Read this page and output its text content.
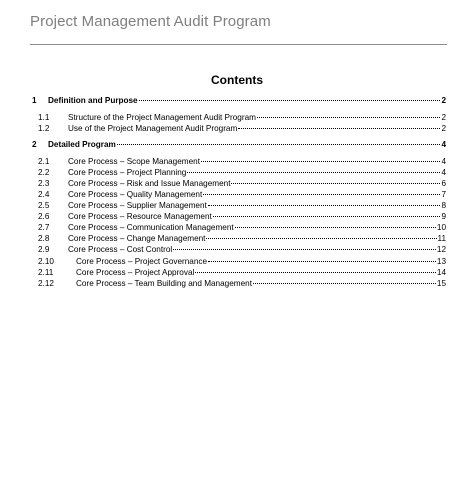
Project Management Audit Program
Contents
1	Definition and Purpose	2
1.1	Structure of the Project Management Audit Program	2
1.2	Use of the Project Management Audit Program	2
2	Detailed Program	4
2.1	Core Process – Scope Management	4
2.2	Core Process – Project Planning	4
2.3	Core Process – Risk and Issue Management	6
2.4	Core Process – Quality Management	7
2.5	Core Process – Supplier Management	8
2.6	Core Process – Resource Management	9
2.7	Core Process – Communication Management	10
2.8	Core Process – Change Management	11
2.9	Core Process – Cost Control	12
2.10	Core Process – Project Governance	13
2.11	Core Process – Project Approval	14
2.12	Core Process – Team Building and Management	15
